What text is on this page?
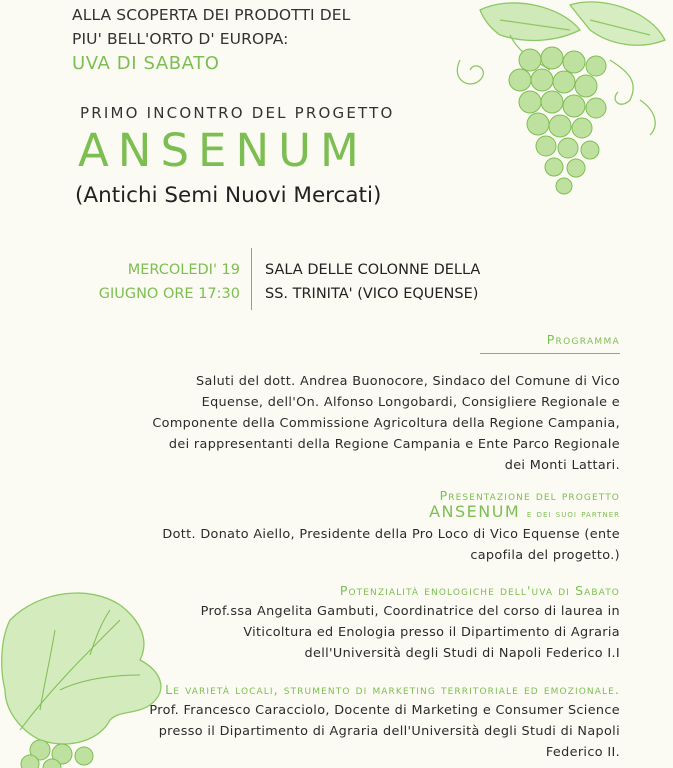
ALLA SCOPERTA DEI PRODOTTI DEL
PIU' BELL'ORTO D' EUROPA:
UVA DI SABATO
PRIMO INCONTRO DEL PROGETTO
ANSENUM
(Antichi Semi Nuovi Mercati)
MERCOLEDI' 19
GIUGNO ORE 17:30
SALA DELLE COLONNE DELLA
SS. TRINITA' (VICO EQUENSE)
Programma
Saluti del dott. Andrea Buonocore, Sindaco del Comune di Vico
Equense, dell'On. Alfonso Longobardi, Consigliere Regionale e
Componente della Commissione Agricoltura della Regione Campania,
dei rappresentanti della Regione Campania e Ente Parco Regionale
dei Monti Lattari.
Presentazione del progetto
ANSENUM e dei suoi partner
Dott. Donato Aiello, Presidente della Pro Loco di Vico Equense (ente
capofila del progetto.)
Potenzialità enologiche dell'uva di Sabato
Prof.ssa Angelita Gambuti, Coordinatrice del corso di laurea in
Viticoltura ed Enologia presso il Dipartimento di Agraria
dell'Università degli Studi di Napoli Federico I.I
Le varietà locali, strumento di marketing territoriale ed emozionale.
Prof. Francesco Caracciolo, Docente di Marketing e Consumer Science
presso il Dipartimento di Agraria dell'Università degli Studi di Napoli
Federico II.
